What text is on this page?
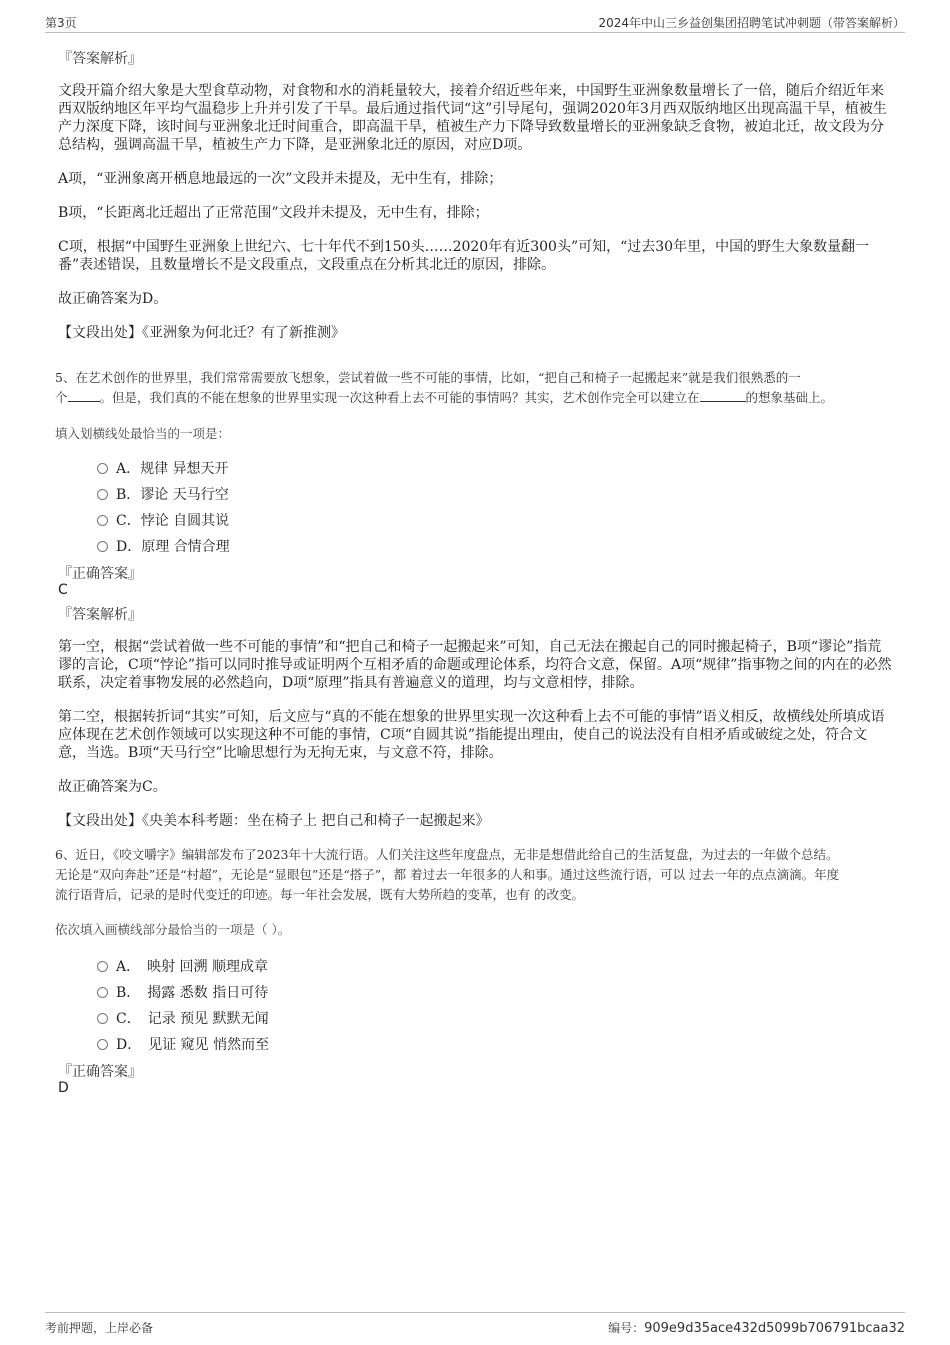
第3页	2024年中山三乡益创集团招聘笔试冲刺题（带答案解析）
『答案解析』
文段开篇介绍大象是大型食草动物，对食物和水的消耗量较大，接着介绍近些年来，中国野生亚洲象数量增长了一倍，随后介绍近年来西双版纳地区年平均气温稳步上升并引发了干旱。最后通过指代词“这”引导尾句，强调2020年3月西双版纳地区出现高温干旱，植被生产力深度下降，该时间与亚洲象北迁时间重合，即高温干旱，植被生产力下降导致数量增长的亚洲象缺乏食物，被迫北迁，故文段为分总结构，强调高温干旱，植被生产力下降，是亚洲象北迁的原因，对应D项。
A项，“亚洲象离开栖息地最远的一次”文段并未提及，无中生有，排除；
B项，“长距离北迁超出了正常范围”文段并未提及，无中生有，排除；
C项，根据“中国野生亚洲象上世纪六、七十年代不到150头……2020年有近300头”可知，“过去30年里，中国的野生大象数量翻一番”表述错误，且数量增长不是文段重点，文段重点在分析其北迁的原因，排除。
故正确答案为D。
【文段出处】《亚洲象为何北迁？有了新推测》
5、在艺术创作的世界里，我们常常需要放飞想象，尝试着做一些不可能的事情，比如，“把自己和椅子一起搬起来”就是我们很熟悉的一
个	。但是，我们真的不能在想象的世界里实现一次这种看上去不可能的事情吗？其实，艺术创作完全可以建立在	的想象基础上。
填入划横线处最恰当的一项是：
A．规律 异想天开
B．谬论 天马行空
C．悖论 自圆其说
D．原理 合情合理
『正确答案』
C
『答案解析』
第一空，根据“尝试着做一些不可能的事情”和“把自己和椅子一起搬起来”可知，自己无法在搬起自己的同时搬起椅子，B项“谬论”指荒谬的言论，C项“悖论”指可以同时推导或证明两个互相矛盾的命题或理论体系，均符合文意，保留。A项“规律”指事物之间的内在的必然联系，决定着事物发展的必然趋向，D项“原理”指具有普遍意义的道理，均与文意相悖，排除。
第二空，根据转折词“其实”可知，后文应与“真的不能在想象的世界里实现一次这种看上去不可能的事情”语义相反，故横线处所填成语应体现在艺术创作领域可以实现这种不可能的事情，C项“自圆其说”指能提出理由，使自己的说法没有自相矛盾或破绽之处，符合文意，当选。B项“天马行空”比喻思想行为无拘无束，与文意不符，排除。
故正确答案为C。
【文段出处】《央美本科考题：坐在椅子上 把自己和椅子一起搬起来》
6、近日，《咬文嚼字》编辑部发布了2023年十大流行语。人们关注这些年度盘点，无非是想借此给自己的生活复盘，为过去的一年做个总结。
无论是“双向奔赴”还是“村超”，无论是“显眼包”还是“搭子”，都 着过去一年很多的人和事。通过这些流行语，可以 过去一年的点点滴滴。年度
流行语背后，记录的是时代变迁的印迹。每一年社会发展，既有大势所趋的变革，也有 的改变。
依次填入画横线部分最恰当的一项是（ ）。
A．　映射 回溯 顺理成章
B．　揭露 悉数 指日可待
C．　记录 预见 默默无闻
D．　见证 窥见 悄然而至
『正确答案』
D
考前押题，上岸必备	编号：909e9d35ace432d5099b706791bcaa32
